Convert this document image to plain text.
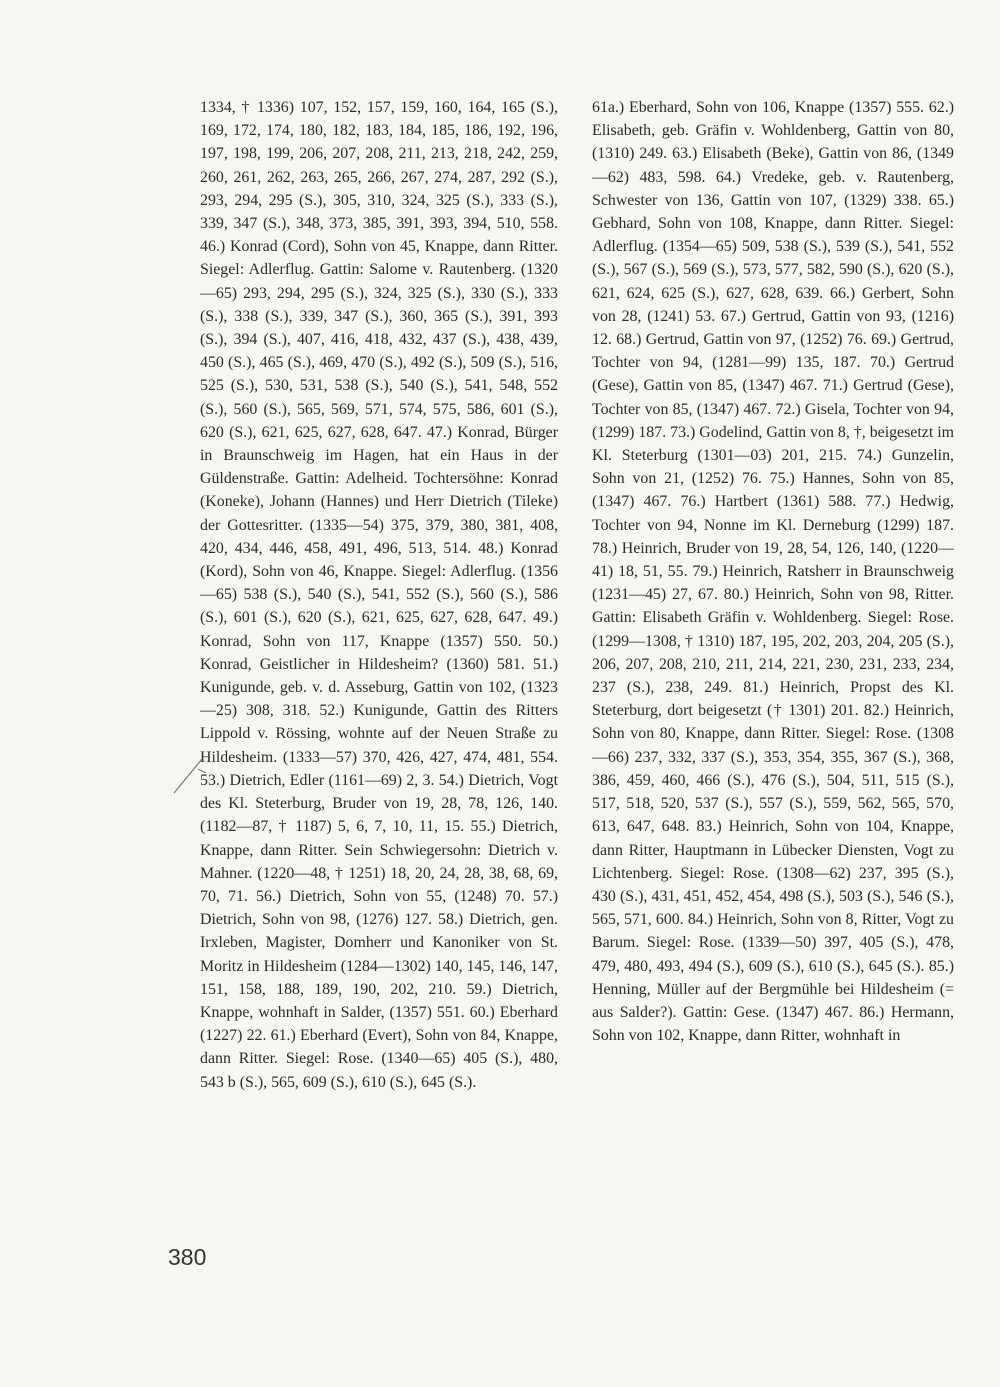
1334, † 1336) 107, 152, 157, 159, 160, 164, 165 (S.), 169, 172, 174, 180, 182, 183, 184, 185, 186, 192, 196, 197, 198, 199, 206, 207, 208, 211, 213, 218, 242, 259, 260, 261, 262, 263, 265, 266, 267, 274, 287, 292 (S.), 293, 294, 295 (S.), 305, 310, 324, 325 (S.), 333 (S.), 339, 347 (S.), 348, 373, 385, 391, 393, 394, 510, 558. 46.) Konrad (Cord), Sohn von 45, Knappe, dann Ritter. Siegel: Adlerflug. Gattin: Salome v. Rautenberg. (1320—65) 293, 294, 295 (S.), 324, 325 (S.), 330 (S.), 333 (S.), 338 (S.), 339, 347 (S.), 360, 365 (S.), 391, 393 (S.), 394 (S.), 407, 416, 418, 432, 437 (S.), 438, 439, 450 (S.), 465 (S.), 469, 470 (S.), 492 (S.), 509 (S.), 516, 525 (S.), 530, 531, 538 (S.), 540 (S.), 541, 548, 552 (S.), 560 (S.), 565, 569, 571, 574, 575, 586, 601 (S.), 620 (S.), 621, 625, 627, 628, 647. 47.) Konrad, Bürger in Braunschweig im Hagen, hat ein Haus in der Güldenstraße. Gattin: Adelheid. Tochtersöhne: Konrad (Koneke), Johann (Hannes) und Herr Dietrich (Tileke) der Gottesritter. (1335—54) 375, 379, 380, 381, 408, 420, 434, 446, 458, 491, 496, 513, 514. 48.) Konrad (Kord), Sohn von 46, Knappe. Siegel: Adlerflug. (1356—65) 538 (S.), 540 (S.), 541, 552 (S.), 560 (S.), 586 (S.), 601 (S.), 620 (S.), 621, 625, 627, 628, 647. 49.) Konrad, Sohn von 117, Knappe (1357) 550. 50.) Konrad, Geistlicher in Hildesheim? (1360) 581. 51.) Kunigunde, geb. v. d. Asseburg, Gattin von 102, (1323—25) 308, 318. 52.) Kunigunde, Gattin des Ritters Lippold v. Rössing, wohnte auf der Neuen Straße zu Hildesheim. (1333—57) 370, 426, 427, 474, 481, 554. 53.) Dietrich, Edler (1161—69) 2, 3. 54.) Dietrich, Vogt des Kl. Steterburg, Bruder von 19, 28, 78, 126, 140. (1182—87, † 1187) 5, 6, 7, 10, 11, 15. 55.) Dietrich, Knappe, dann Ritter. Sein Schwiegersohn: Dietrich v. Mahner. (1220—48, † 1251) 18, 20, 24, 28, 38, 68, 69, 70, 71. 56.) Dietrich, Sohn von 55, (1248) 70. 57.) Dietrich, Sohn von 98, (1276) 127. 58.) Dietrich, gen. Irxleben, Magister, Domherr und Kanoniker von St. Moritz in Hildesheim (1284—1302) 140, 145, 146, 147, 151, 158, 188, 189, 190, 202, 210. 59.) Dietrich, Knappe, wohnhaft in Salder, (1357) 551. 60.) Eberhard (1227) 22. 61.) Eberhard (Evert), Sohn von 84, Knappe, dann Ritter. Siegel: Rose. (1340—65) 405 (S.), 480, 543 b (S.), 565, 609 (S.), 610 (S.), 645 (S.).
61a.) Eberhard, Sohn von 106, Knappe (1357) 555. 62.) Elisabeth, geb. Gräfin v. Wohldenberg, Gattin von 80, (1310) 249. 63.) Elisabeth (Beke), Gattin von 86, (1349—62) 483, 598. 64.) Vredeke, geb. v. Rautenberg, Schwester von 136, Gattin von 107, (1329) 338. 65.) Gebhard, Sohn von 108, Knappe, dann Ritter. Siegel: Adlerflug. (1354—65) 509, 538 (S.), 539 (S.), 541, 552 (S.), 567 (S.), 569 (S.), 573, 577, 582, 590 (S.), 620 (S.), 621, 624, 625 (S.), 627, 628, 639. 66.) Gerbert, Sohn von 28, (1241) 53. 67.) Gertrud, Gattin von 93, (1216) 12. 68.) Gertrud, Gattin von 97, (1252) 76. 69.) Gertrud, Tochter von 94, (1281—99) 135, 187. 70.) Gertrud (Gese), Gattin von 85, (1347) 467. 71.) Gertrud (Gese), Tochter von 85, (1347) 467. 72.) Gisela, Tochter von 94, (1299) 187. 73.) Godelind, Gattin von 8, †, beigesetzt im Kl. Steterburg (1301—03) 201, 215. 74.) Gunzelin, Sohn von 21, (1252) 76. 75.) Hannes, Sohn von 85, (1347) 467. 76.) Hartbert (1361) 588. 77.) Hedwig, Tochter von 94, Nonne im Kl. Derneburg (1299) 187. 78.) Heinrich, Bruder von 19, 28, 54, 126, 140, (1220—41) 18, 51, 55. 79.) Heinrich, Ratsherr in Braunschweig (1231—45) 27, 67. 80.) Heinrich, Sohn von 98, Ritter. Gattin: Elisabeth Gräfin v. Wohldenberg. Siegel: Rose. (1299—1308, † 1310) 187, 195, 202, 203, 204, 205 (S.), 206, 207, 208, 210, 211, 214, 221, 230, 231, 233, 234, 237 (S.), 238, 249. 81.) Heinrich, Propst des Kl. Steterburg, dort beigesetzt († 1301) 201. 82.) Heinrich, Sohn von 80, Knappe, dann Ritter. Siegel: Rose. (1308—66) 237, 332, 337 (S.), 353, 354, 355, 367 (S.), 368, 386, 459, 460, 466 (S.), 476 (S.), 504, 511, 515 (S.), 517, 518, 520, 537 (S.), 557 (S.), 559, 562, 565, 570, 613, 647, 648. 83.) Heinrich, Sohn von 104, Knappe, dann Ritter, Hauptmann in Lübecker Diensten, Vogt zu Lichtenberg. Siegel: Rose. (1308—62) 237, 395 (S.), 430 (S.), 431, 451, 452, 454, 498 (S.), 503 (S.), 546 (S.), 565, 571, 600. 84.) Heinrich, Sohn von 8, Ritter, Vogt zu Barum. Siegel: Rose. (1339—50) 397, 405 (S.), 478, 479, 480, 493, 494 (S.), 609 (S.), 610 (S.), 645 (S.). 85.) Henning, Müller auf der Bergmühle bei Hildesheim (= aus Salder?). Gattin: Gese. (1347) 467. 86.) Hermann, Sohn von 102, Knappe, dann Ritter, wohnhaft in
380
